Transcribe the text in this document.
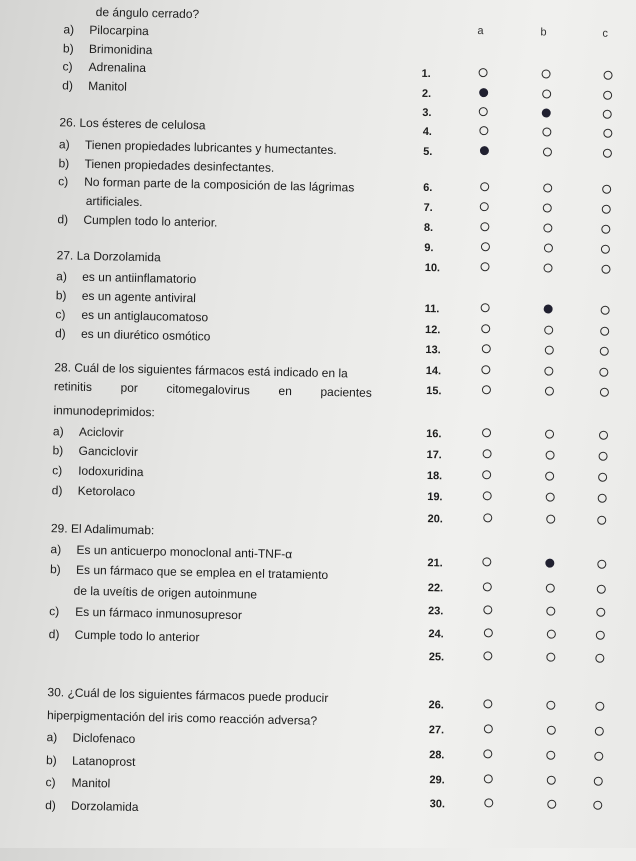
de ángulo cerrado?
a) Pilocarpina
b) Brimonidina
c) Adrenalina
d) Manitol
26. Los ésteres de celulosa
a) Tienen propiedades lubricantes y humectantes.
b) Tienen propiedades desinfectantes.
c) No forman parte de la composición de las lágrimas
artificiales.
d) Cumplen todo lo anterior.
27. La Dorzolamida
a) es un antiinflamatorio
b) es un agente antiviral
c) es un antiglaucomatoso
d) es un diurético osmótico
28. Cuál de los siguientes fármacos está indicado en la
retinitis por citomegalovirus en pacientes
inmunodeprimidos:
a) Aciclovir
b) Ganciclovir
c) Iodoxuridina
d) Ketorolaco
29. El Adalimumab:
a) Es un anticuerpo monoclonal anti-TNF-α
b) Es un fármaco que se emplea en el tratamiento
de la uveítis de origen autoinmune
c) Es un fármaco inmunosupresor
d) Cumple todo lo anterior
30. ¿Cuál de los siguientes fármacos puede producir
hiperpigmentación del iris como reacción adversa?
a) Diclofenaco
b) Latanoprost
c) Manitol
d) Dorzolamida
a	b	c
1.
2.
3.
4.
5.
6.
7.
8.
9.
10.
11.
12.
13.
14.
15.
16.
17.
18.
19.
20.
21.
22.
23.
24.
25.
26.
27.
28.
29.
30.
